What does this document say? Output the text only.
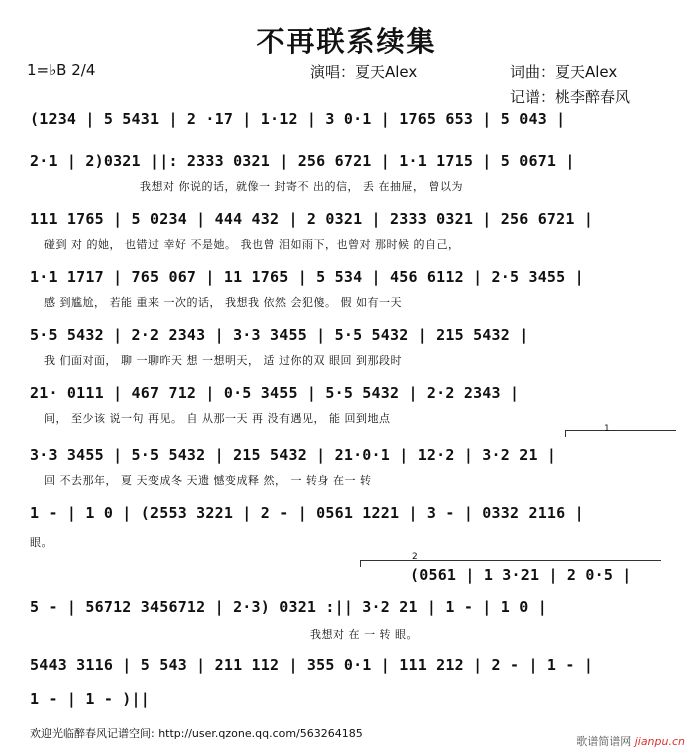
不再联系续集
1=♭B 2/4	演唱：夏天Alex	词曲：夏天Alex
记谱：桃李醉春风
(1234 | 5 5431 | 2 ·17 | 1·12 | 3 0·1 | 1765 653 | 5 043 |
2·1 | 2)0321 ||: 2333 0321 | 256 6721 | 1·1 1715 | 5 0671 |
我想对 你说的话，就像一 封寄不 出的信， 丢 在抽屉， 曾以为
111 1765 | 5 0234 | 444 432 | 2 0321 | 2333 0321 | 256 6721 |
碰到 对 的她， 也错过 幸好 不是她。 我也曾 泪如雨下，也曾对 那时候 的自己，
1·1 1717 | 765 067 | 11 1765 | 5 534 | 456 6112 | 2·5 3455 |
感 到尴尬， 若能 重来 一次的话， 我想我 依然 会犯傻。 假 如有一天
5·5 5432 | 2·2 2343 | 3·3 3455 | 5·5 5432 | 215 5432 |
我 们面对面， 聊 一聊昨天 想 一想明天， 适 过你的双 眼回 到那段时
21· 0111 | 467 712 | 0·5 3455 | 5·5 5432 | 2·2 2343 |
间， 至少该 说一句 再见。 自 从那一天 再 没有遇见， 能 回到地点
1
3·3 3455 | 5·5 5432 | 215 5432 | 21·0·1 | 12·2 | 3·2 21 |
回 不去那年， 夏 天变成冬 天遗 憾变成释 然， 一 转身 在一 转
1 - | 1 0 | (2553 3221 | 2 - | 0561 1221 | 3 - | 0332 2116 |
眼。
2
(0561 | 1 3·21 | 2 0·5 |
5 - | 56712 3456712 | 2·3) 0321 :|| 3·2 21 | 1 - | 1 0 |
我想对 在 一 转 眼。
5443 3116 | 5 543 | 211 112 | 355 0·1 | 111 212 | 2 - | 1 - |
1 - | 1 - )||
欢迎光临醉春风记谱空间: http://user.qzone.qq.com/563264185
歌谱简谱网 jianpu.cn
